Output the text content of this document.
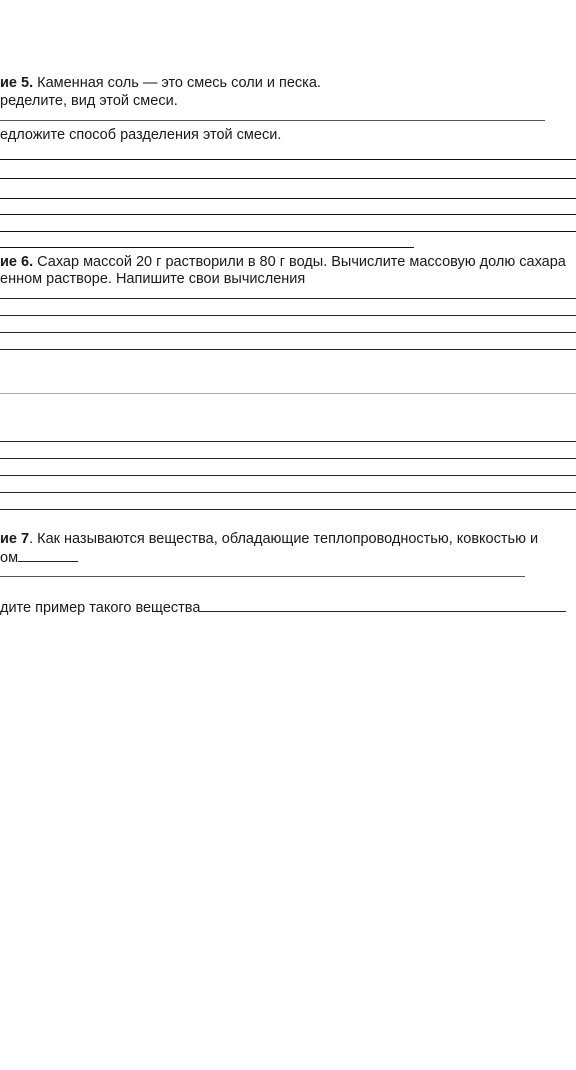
ие 5. Каменная соль — это смесь соли и песка.
ределите, вид этой смеси.
едложите способ разделения этой смеси.
ие 6. Сахар массой 20 г растворили в 80 г воды. Вычислите массовую долю сахара
енном растворе. Напишите свои вычисления
ие 7. Как называются вещества, обладающие теплопроводностью, ковкостью и
ом
дите пример такого вещества
